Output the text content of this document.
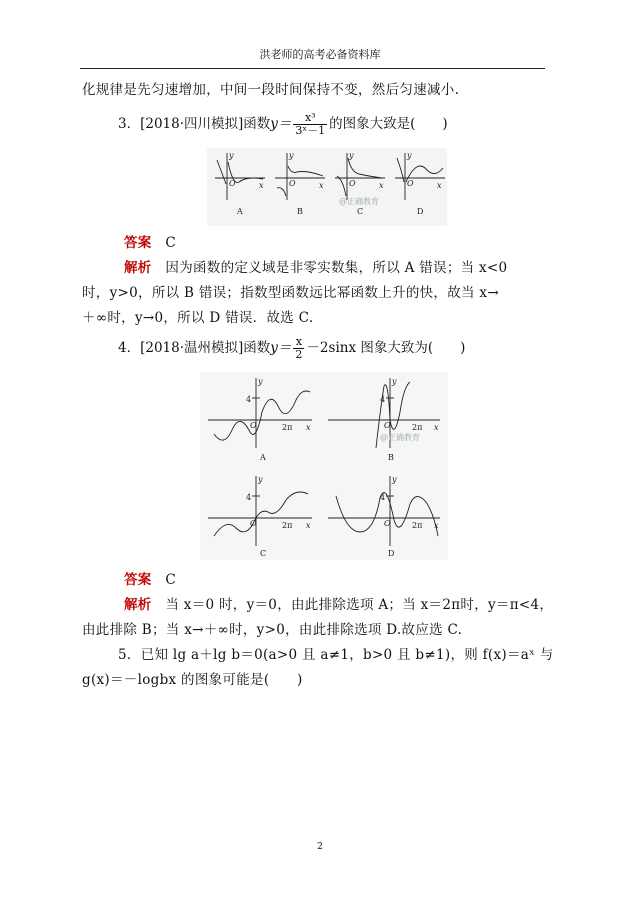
洪老师的高考必备资料库
化规律是先匀速增加，中间一段时间保持不变，然后匀速减小.
3．[2018·四川模拟]函数$y= \frac{\text{x³}}{\text{3ˣ－1}}$ 的图象大致是(　　)
O	O	O	O
x	x	x	x
y	y	y	y
A	B	C	D
@正确教育
答案 C
解析 因为函数的定义域是非零实数集，所以 A 错误；当 x<0
时，y>0，所以 B 错误；指数型函数远比幂函数上升的快，故当 x→
＋∞时，y→0，所以 D 错误．故选 C.
4．[2018·温州模拟]函数$y= \frac{x}{2} -2\sin x$ 图象大致为(　　)
y	y
y	y
x	x
x	x
O	O
O	O
4	4
4	4
2π	2π
2π	2π
A	B
C	D
@正确教育
答案 C
解析 当 x＝0 时，y＝0，由此排除选项 A；当 x＝2π时，y＝π<4，
由此排除 B；当 x→＋∞时，y>0，由此排除选项 D.故应选 C.
5．已知 lg a＋lg b＝0(a>0 且 a≠1，b>0 且 b≠1)，则 f(x)＝aˣ 与
g(x)＝－logbx 的图象可能是(　　)
2
